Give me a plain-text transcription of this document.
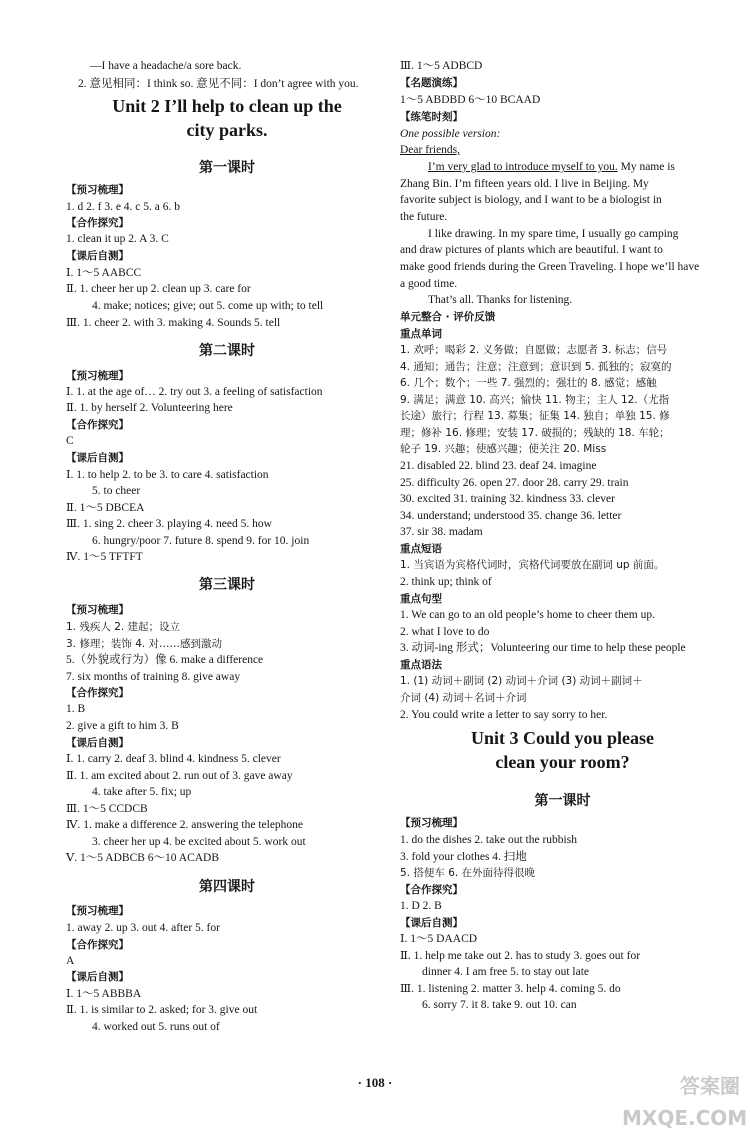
—I have a headache/a sore back.
2. 意见相同：I think so. 意见不同：I don’t agree with you.
Unit 2 I’ll help to clean up the
city parks.
第一课时
【预习梳理】
1. d 2. f 3. e 4. c 5. a 6. b
【合作探究】
1. clean it up 2. A 3. C
【课后自测】
Ⅰ. 1～5 AABCC
Ⅱ. 1. cheer her up 2. clean up 3. care for
4. make; notices; give; out 5. come up with; to tell
Ⅲ. 1. cheer 2. with 3. making 4. Sounds 5. tell
第二课时
【预习梳理】
Ⅰ. 1. at the age of… 2. try out 3. a feeling of satisfaction
Ⅱ. 1. by herself 2. Volunteering here
【合作探究】
C
【课后自测】
Ⅰ. 1. to help 2. to be 3. to care 4. satisfaction
5. to cheer
Ⅱ. 1～5 DBCEA
Ⅲ. 1. sing 2. cheer 3. playing 4. need 5. how
6. hungry/poor 7. future 8. spend 9. for 10. join
Ⅳ. 1～5 TFTFT
第三课时
【预习梳理】
1. 残疾人 2. 建起；设立
3. 修理；装饰 4. 对……感到激动
5.（外貌或行为）像 6. make a difference
7. six months of training 8. give away
【合作探究】
1. B
2. give a gift to him 3. B
【课后自测】
Ⅰ. 1. carry 2. deaf 3. blind 4. kindness 5. clever
Ⅱ. 1. am excited about 2. run out of 3. gave away
4. take after 5. fix; up
Ⅲ. 1～5 CCDCB
Ⅳ. 1. make a difference 2. answering the telephone
3. cheer her up 4. be excited about 5. work out
Ⅴ. 1～5 ADBCB 6～10 ACADB
第四课时
【预习梳理】
1. away 2. up 3. out 4. after 5. for
【合作探究】
A
【课后自测】
Ⅰ. 1～5 ABBBA
Ⅱ. 1. is similar to 2. asked; for 3. give out
4. worked out 5. runs out of
Ⅲ. 1～5 ADBCD
【名题演练】
1～5 ABDBD 6～10 BCAAD
【练笔时刻】
One possible version:
Dear friends,
I’m very glad to introduce myself to you. My name is
Zhang Bin. I’m fifteen years old. I live in Beijing. My
favorite subject is biology, and I want to be a biologist in
the future.
I like drawing. In my spare time, I usually go camping
and draw pictures of plants which are beautiful. I want to
make good friends during the Green Traveling. I hope we’ll have
a good time.
That’s all. Thanks for listening.
单元整合 · 评价反馈
重点单词
1. 欢呼；喝彩 2. 义务做；自愿做；志愿者 3. 标志；信号
4. 通知；通告；注意；注意到；意识到 5. 孤独的；寂寞的
6. 几个；数个；一些 7. 强烈的；强壮的 8. 感觉；感触
9. 满足；满意 10. 高兴；愉快 11. 物主；主人 12.（尤指
长途）旅行；行程 13. 募集；征集 14. 独自；单独 15. 修
理；修补 16. 修理；安装 17. 破损的；残缺的 18. 车轮；
轮子 19. 兴趣；使感兴趣；使关注 20. Miss
21. disabled 22. blind 23. deaf 24. imagine
25. difficulty 26. open 27. door 28. carry 29. train
30. excited 31. training 32. kindness 33. clever
34. understand; understood 35. change 36. letter
37. sir 38. madam
重点短语
1. 当宾语为宾格代词时，宾格代词要放在副词 up 前面。
2. think up; think of
重点句型
1. We can go to an old people’s home to cheer them up.
2. what I love to do
3. 动词-ing 形式；Volunteering our time to help these people
重点语法
1. (1) 动词＋副词 (2) 动词＋介词 (3) 动词＋副词＋
介词 (4) 动词＋名词＋介词
2. You could write a letter to say sorry to her.
Unit 3 Could you please
clean your room?
第一课时
【预习梳理】
1. do the dishes 2. take out the rubbish
3. fold your clothes 4. 扫地
5. 搭便车 6. 在外面待得很晚
【合作探究】
1. D 2. B
【课后自测】
Ⅰ. 1～5 DAACD
Ⅱ. 1. help me take out 2. has to study 3. goes out for
dinner 4. I am free 5. to stay out late
Ⅲ. 1. listening 2. matter 3. help 4. coming 5. do
6. sorry 7. it 8. take 9. out 10. can
· 108 ·	答案圈 MXQE.COM
